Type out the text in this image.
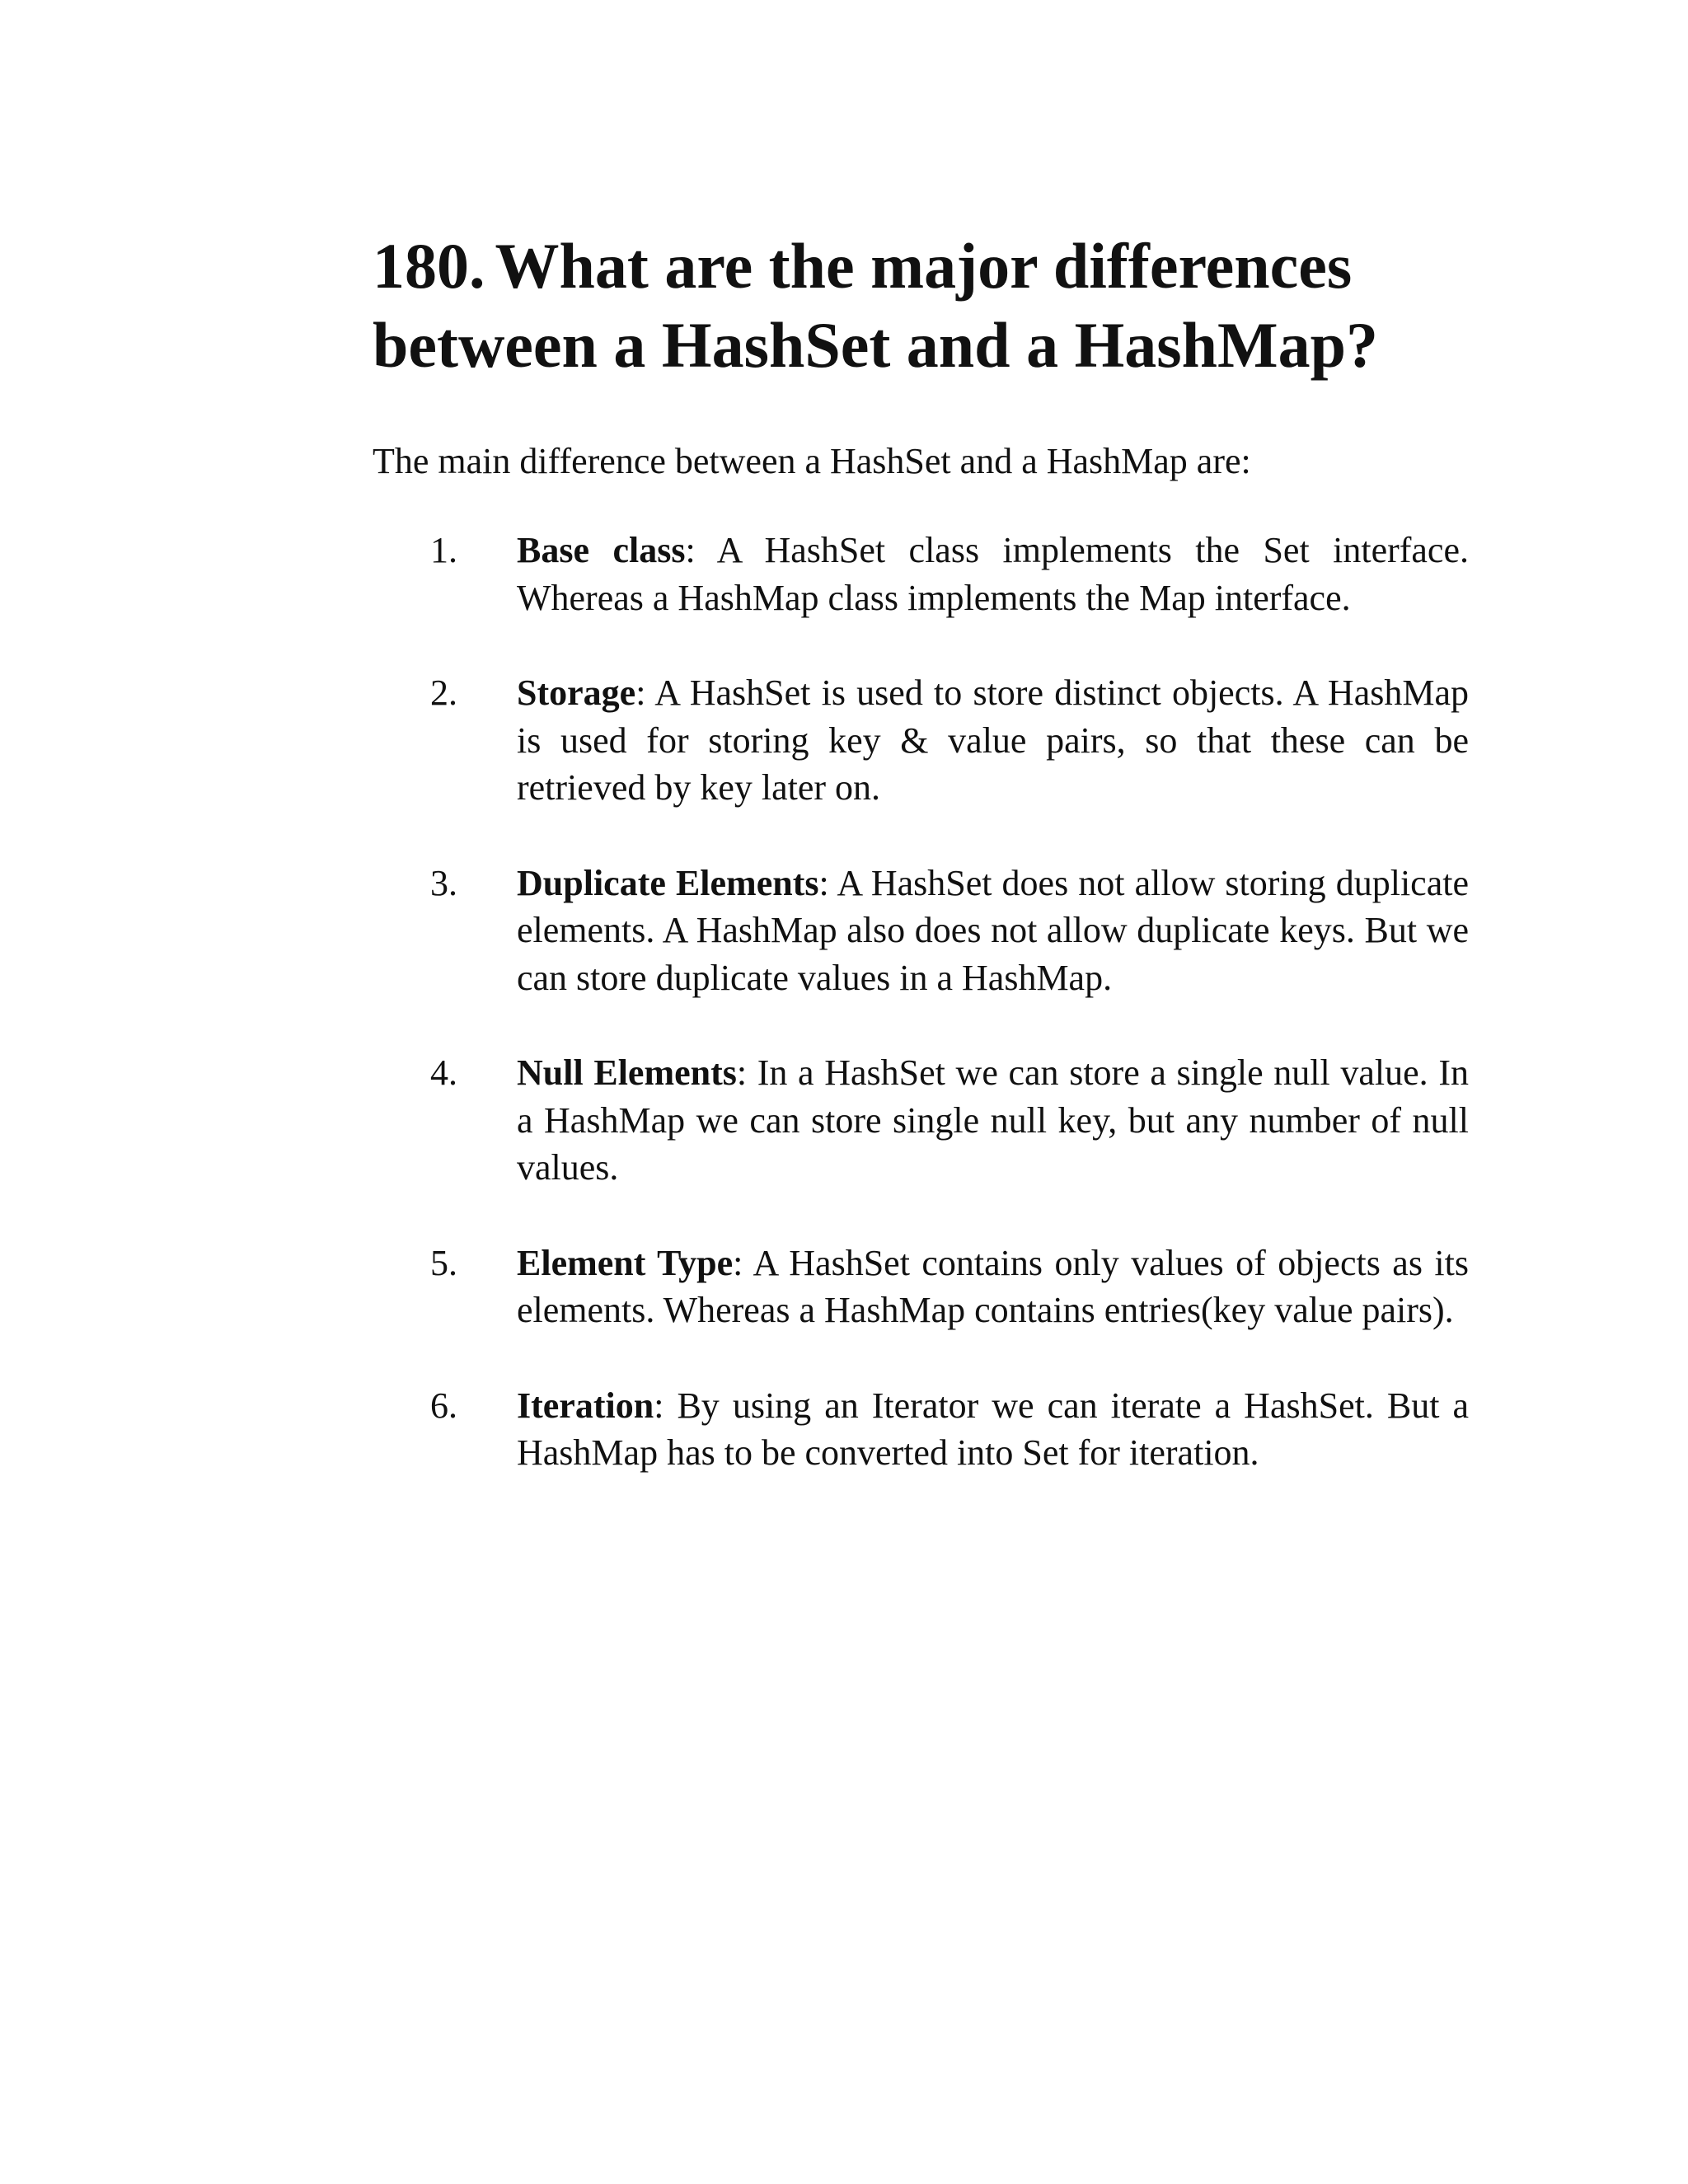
180. What are the major differences between a HashSet and a HashMap?

The main difference between a HashSet and a HashMap are:

1.	Base class: A HashSet class implements the Set interface. Whereas a HashMap class implements the Map interface.
2.	Storage: A HashSet is used to store distinct objects. A HashMap is used for storing key & value pairs, so that these can be retrieved by key later on.
3.	Duplicate Elements: A HashSet does not allow storing duplicate elements. A HashMap also does not allow duplicate keys. But we can store duplicate values in a HashMap.
4.	Null Elements: In a HashSet we can store a single null value. In a HashMap we can store single null key, but any number of null values.
5.	Element Type: A HashSet contains only values of objects as its elements. Whereas a HashMap contains entries(key value pairs).
6.	Iteration: By using an Iterator we can iterate a HashSet. But a HashMap has to be converted into Set for iteration.
